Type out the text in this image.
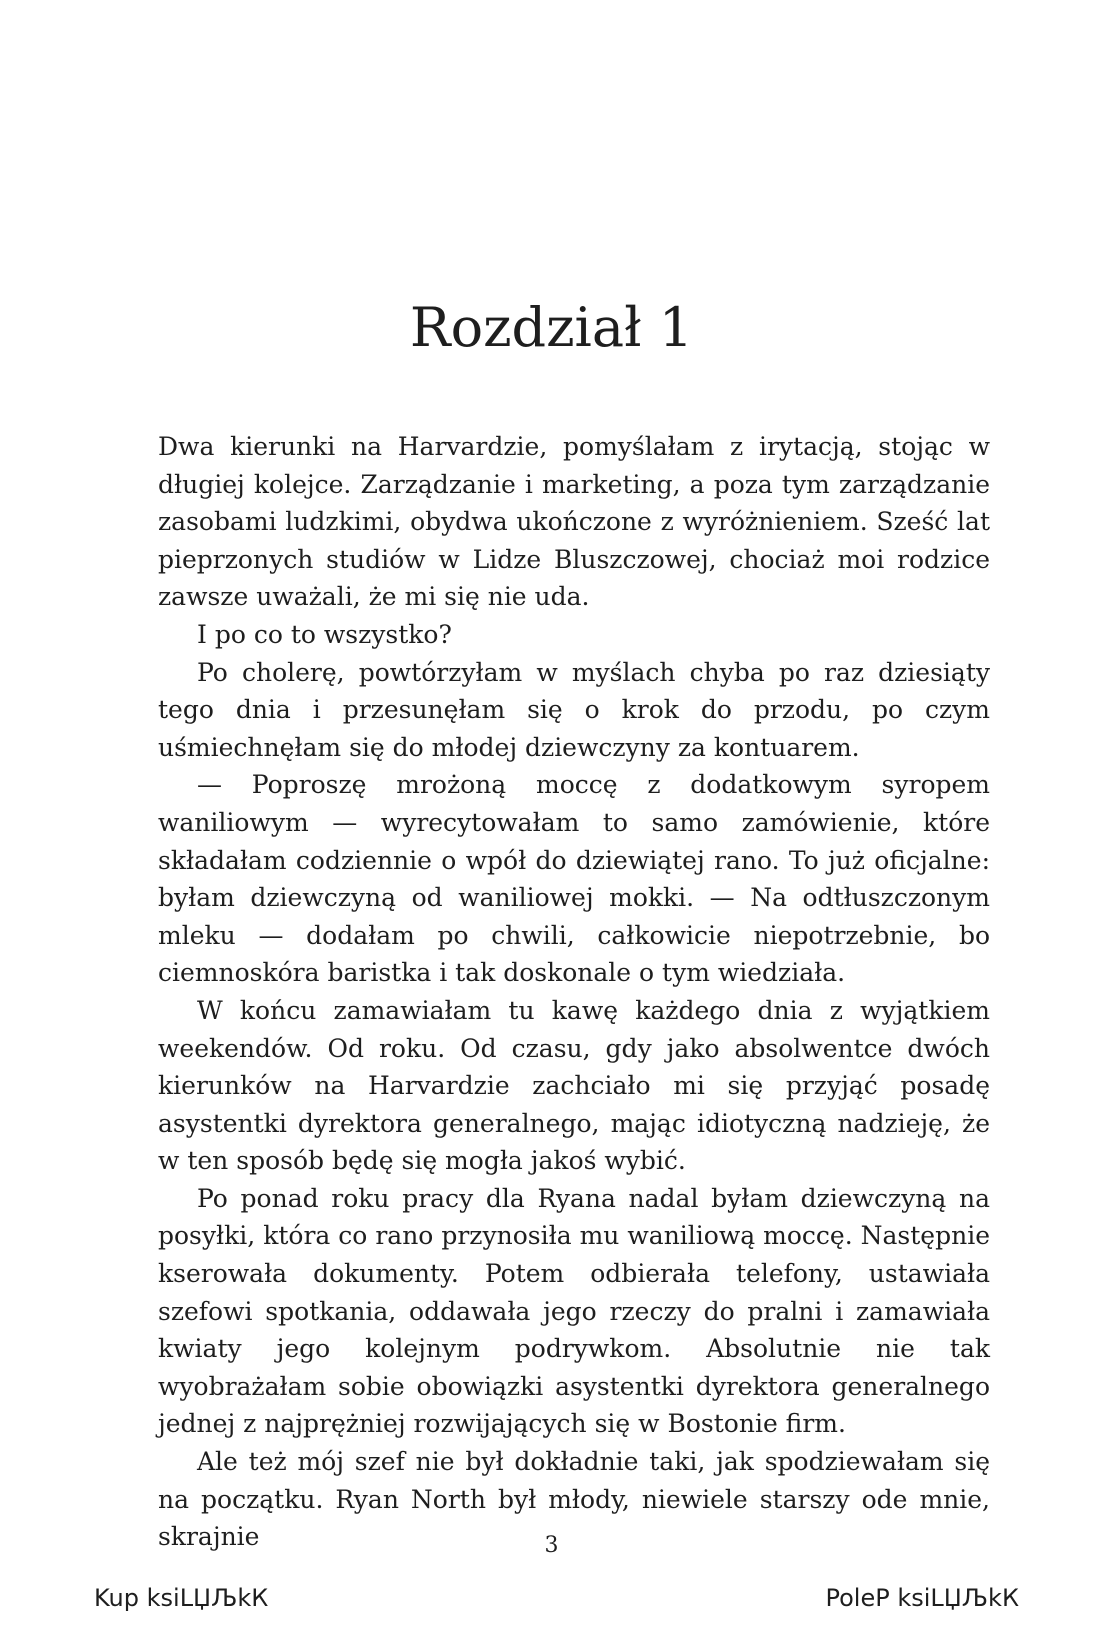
Rozdział 1

Dwa kierunki na Harvardzie, pomyślałam z irytacją, stojąc w długiej kolejce. Zarządzanie i marketing, a poza tym zarządzanie zasobami ludzkimi, obydwa ukończone z wyróżnieniem. Sześć lat pieprzonych studiów w Lidze Bluszczowej, chociaż moi rodzice zawsze uważali, że mi się nie uda.

I po co to wszystko?

Po cholerę, powtórzyłam w myślach chyba po raz dziesiąty tego dnia i przesunęłam się o krok do przodu, po czym uśmiechnęłam się do młodej dziewczyny za kontuarem.

— Poproszę mrożoną moccę z dodatkowym syropem waniliowym — wyrecytowałam to samo zamówienie, które składałam codziennie o wpół do dziewiątej rano. To już oficjalne: byłam dziewczyną od waniliowej mokki. — Na odtłuszczonym mleku — dodałam po chwili, całkowicie niepotrzebnie, bo ciemnoskóra baristka i tak doskonale o tym wiedziała.

W końcu zamawiałam tu kawę każdego dnia z wyjątkiem weekendów. Od roku. Od czasu, gdy jako absolwentce dwóch kierunków na Harvardzie zachciało mi się przyjąć posadę asystentki dyrektora generalnego, mając idiotyczną nadzieję, że w ten sposób będę się mogła jakoś wybić.

Po ponad roku pracy dla Ryana nadal byłam dziewczyną na posyłki, która co rano przynosiła mu waniliową moccę. Następnie kserowała dokumenty. Potem odbierała telefony, ustawiała szefowi spotkania, oddawała jego rzeczy do pralni i zamawiała kwiaty jego kolejnym podrywkom. Absolutnie nie tak wyobrażałam sobie obowiązki asystentki dyrektora generalnego jednej z najprężniej rozwijających się w Bostonie firm.

Ale też mój szef nie był dokładnie taki, jak spodziewałam się na początku. Ryan North był młody, niewiele starszy ode mnie, skrajnie	3
Kup ksiLЏЉkК	PoleР ksiLЏЉkК
